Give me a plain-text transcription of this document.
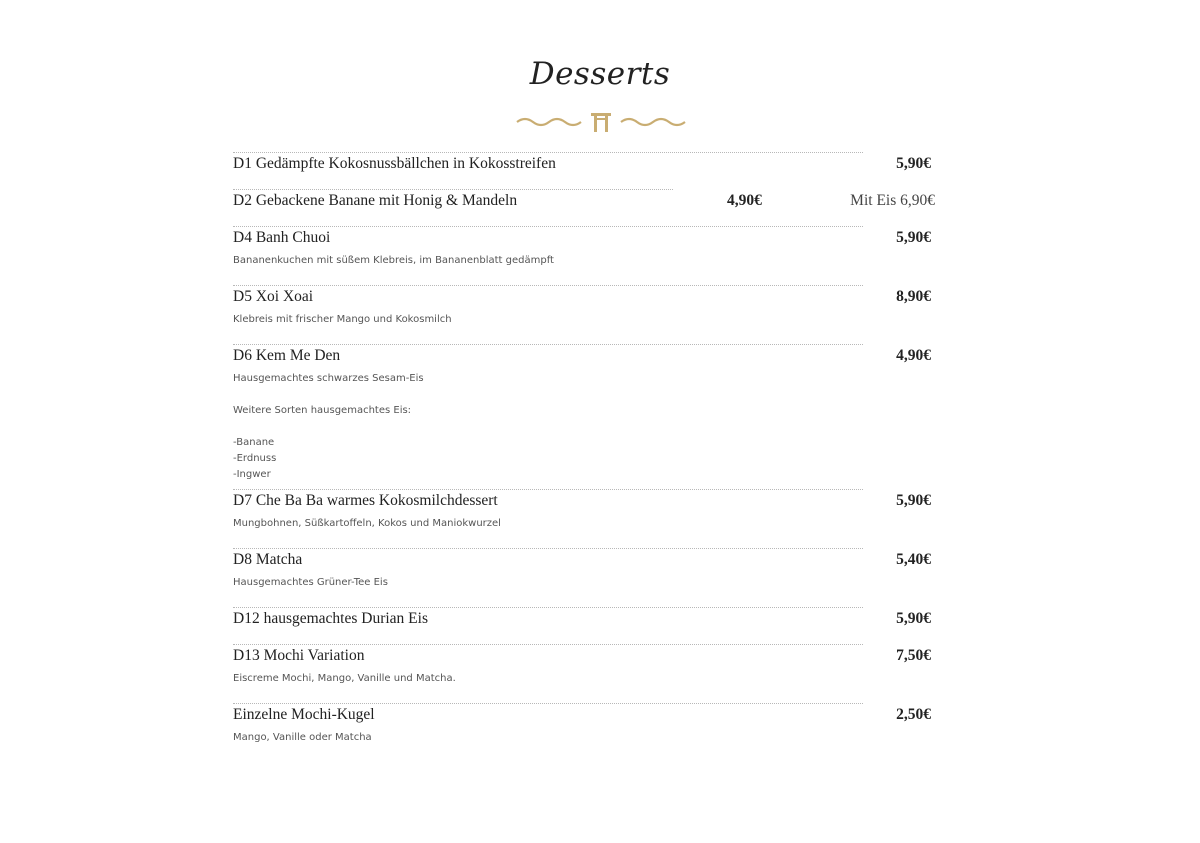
Desserts
D1 Gedämpfte Kokosnussbällchen in Kokosstreifen	5,90€
D2 Gebackene Banane mit Honig & Mandeln	4,90€	Mit Eis 6,90€
D4 Banh Chuoi	5,90€
Bananenkuchen mit süßem Klebreis, im Bananenblatt gedämpft
D5 Xoi Xoai	8,90€
Klebreis mit frischer Mango und Kokosmilch
D6 Kem Me Den	4,90€
Hausgemachtes schwarzes Sesam-Eis
Weitere Sorten hausgemachtes Eis:
-Banane
-Erdnuss
-Ingwer
D7 Che Ba Ba warmes Kokosmilchdessert	5,90€
Mungbohnen, Süßkartoffeln, Kokos und Maniokwurzel
D8 Matcha	5,40€
Hausgemachtes Grüner-Tee Eis
D12 hausgemachtes Durian Eis	5,90€
D13 Mochi Variation	7,50€
Eiscreme Mochi, Mango, Vanille und Matcha.
Einzelne Mochi-Kugel	2,50€
Mango, Vanille oder Matcha
